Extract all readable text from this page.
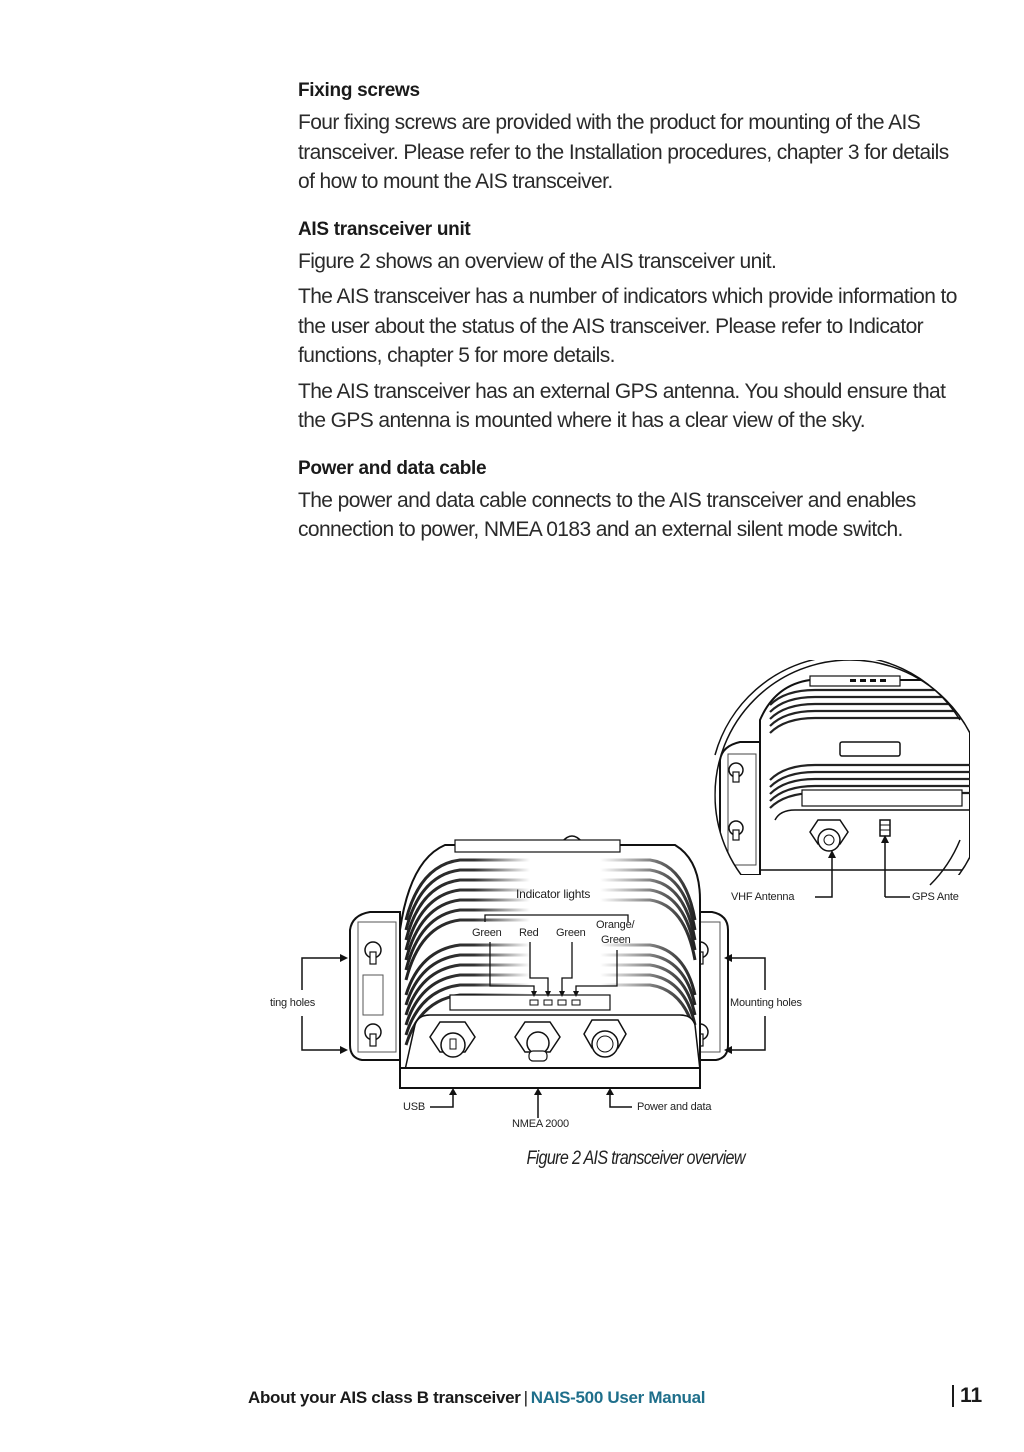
Fixing screws

Four fixing screws are provided with the product for mounting of the AIS transceiver. Please refer to the Installation procedures, chapter 3 for details of how to mount the AIS transceiver.

AIS transceiver unit

Figure 2 shows an overview of the AIS transceiver unit.

The AIS transceiver has a number of indicators which provide information to the user about the status of the AIS transceiver. Please refer to Indicator functions, chapter 5 for more details.

The AIS transceiver has an external GPS antenna. You should ensure that the GPS antenna is mounted where it has a clear view of the sky.

Power and data cable

The power and data cable connects to the AIS transceiver and enables connection to power, NMEA 0183 and an external silent mode switch.

Indicator lights
Green Red Green
Orange/
Green
ting holes	Mounting holes
USB
NMEA 2000
Power and data
VHF Antenna	GPS Ante
Figure 2 AIS transceiver overview
About your AIS class B transceiver | NAIS-500 User Manual	11
